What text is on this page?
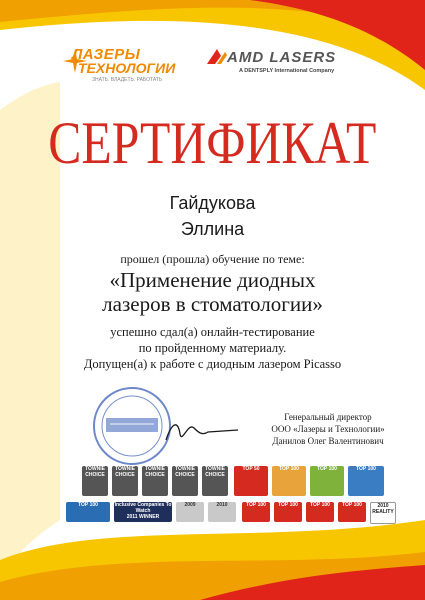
ЛАЗЕРЫ
ТЕХНОЛОГИИ
ЗНАТЬ. ВЛАДЕТЬ. РАБОТАТЬ
AMD LASERS
A DENTSPLY International Company
СЕРТИФИКАТ
Гайдукова
Эллина
прошел (прошла) обучение по теме:
«Применение диодных
лазеров в стоматологии»
успешно сдал(а) онлайн-тестирование
по пройденному материалу.
Допущен(а) к работе с диодным лазером Picasso
Генеральный директор
ООО «Лазеры и Технологии»
Данилов Олег Валентинович
TOWNIE CHOICE
TOWNIE CHOICE
TOWNIE CHOICE
TOWNIE CHOICE
TOWNIE CHOICE
TOP 50	TOP 100	TOP 100	TOP 100
TOP 100	Inclusive Companies To Watch
2011 WINNER
2009	2010	TOP 100	TOP 100	TOP 100	TOP 100	2010
REALITY
